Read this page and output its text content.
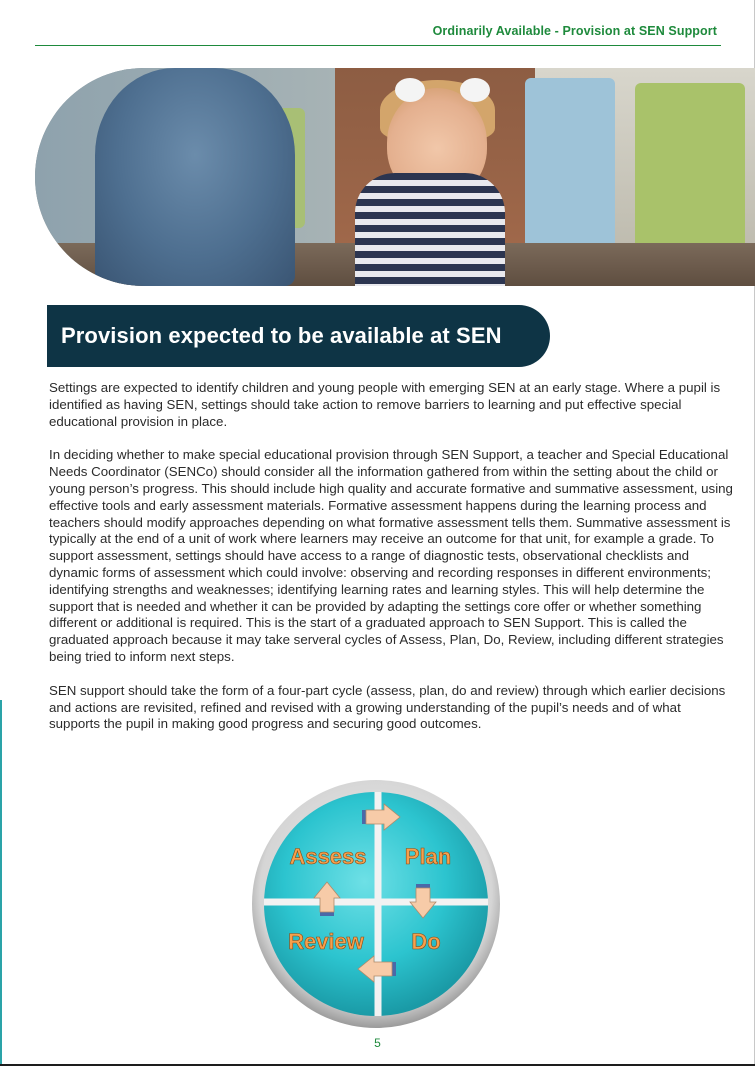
Ordinarily Available - Provision at SEN Support
Provision expected to be available at SEN

Settings are expected to identify children and young people with emerging SEN at an early stage. Where a pupil is identified as having SEN, settings should take action to remove barriers to learning and put effective special educational provision in place.

In deciding whether to make special educational provision through SEN Support, a teacher and Special Educational Needs Coordinator (SENCo) should consider all the information gathered from within the setting about the child or young person’s progress. This should include high quality and accurate formative and summative assessment, using effective tools and early assessment materials. Formative assessment happens during the learning process and teachers should modify approaches depending on what formative assessment tells them. Summative assessment is typically at the end of a unit of work where learners may receive an outcome for that unit, for example a grade. To support assessment, settings should have access to a range of diagnostic tests, observational checklists and dynamic forms of assessment which could involve: observing and recording responses in different environments; identifying strengths and weaknesses; identifying learning rates and learning styles. This will help determine the support that is needed and whether it can be provided by adapting the settings core offer or whether something different or additional is required. This is the start of a graduated approach to SEN Support. This is called the graduated approach because it may take serveral cycles of Assess, Plan, Do, Review, including different strategies being tried to inform next steps.

SEN support should take the form of a four-part cycle (assess, plan, do and review) through which earlier decisions and actions are revisited, refined and revised with a growing understanding of the pupil’s needs and of what supports the pupil in making good progress and securing good outcomes.

Assess Plan
Review Do
5
